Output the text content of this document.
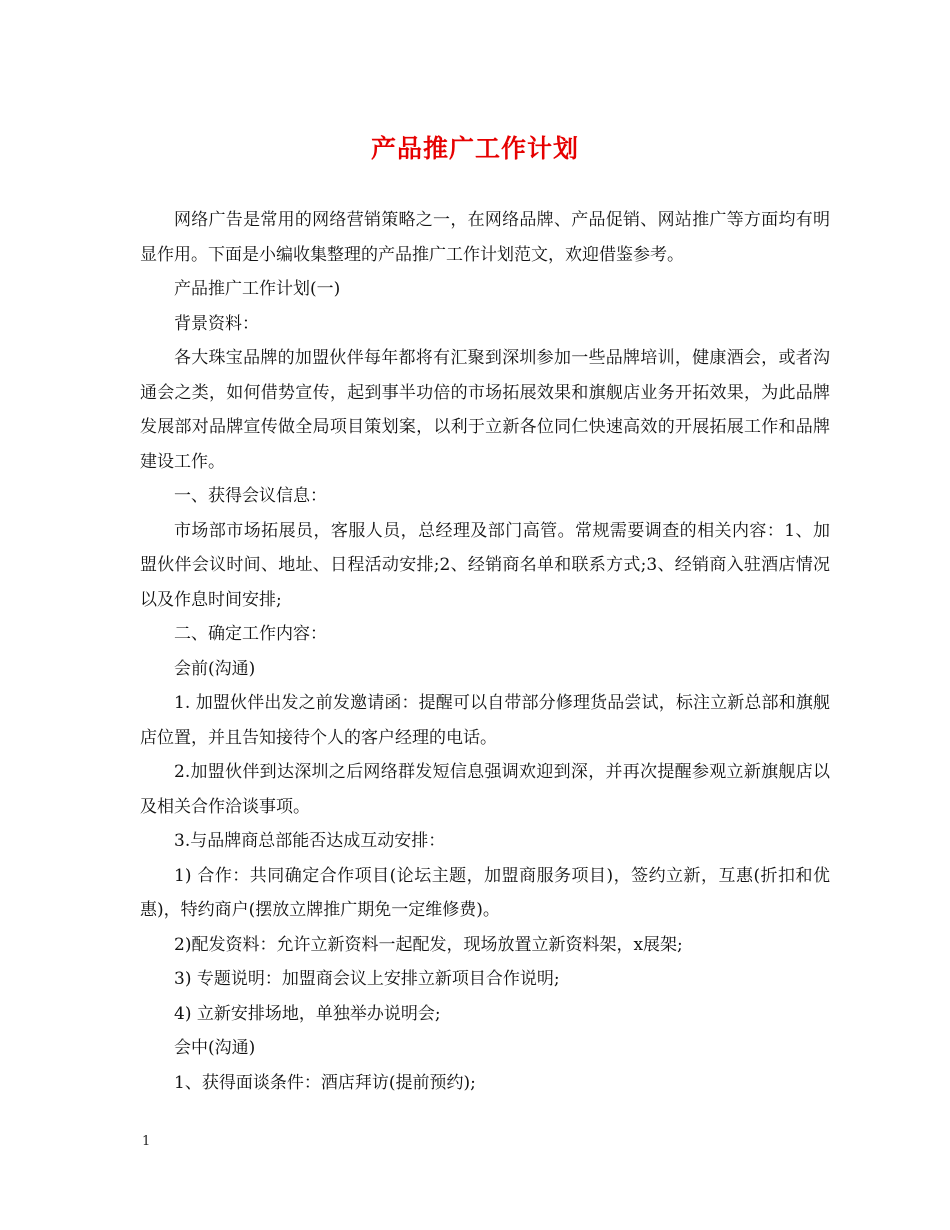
产品推广工作计划

网络广告是常用的网络营销策略之一，在网络品牌、产品促销、网站推广等方面均有明显作用。下面是小编收集整理的产品推广工作计划范文，欢迎借鉴参考。

产品推广工作计划(一)

背景资料：

各大珠宝品牌的加盟伙伴每年都将有汇聚到深圳参加一些品牌培训，健康酒会，或者沟通会之类，如何借势宣传，起到事半功倍的市场拓展效果和旗舰店业务开拓效果，为此品牌发展部对品牌宣传做全局项目策划案，以利于立新各位同仁快速高效的开展拓展工作和品牌建设工作。

一、获得会议信息：

市场部市场拓展员，客服人员，总经理及部门高管。常规需要调查的相关内容：1、加盟伙伴会议时间、地址、日程活动安排;2、经销商名单和联系方式;3、经销商入驻酒店情况以及作息时间安排;

二、确定工作内容：

会前(沟通)

1. 加盟伙伴出发之前发邀请函：提醒可以自带部分修理货品尝试，标注立新总部和旗舰店位置，并且告知接待个人的客户经理的电话。

2.加盟伙伴到达深圳之后网络群发短信息强调欢迎到深，并再次提醒参观立新旗舰店以及相关合作洽谈事项。

3.与品牌商总部能否达成互动安排：

1) 合作：共同确定合作项目(论坛主题，加盟商服务项目)，签约立新，互惠(折扣和优惠)，特约商户(摆放立牌推广期免一定维修费)。

2)配发资料：允许立新资料一起配发，现场放置立新资料架，x展架;

3) 专题说明：加盟商会议上安排立新项目合作说明;

4) 立新安排场地，单独举办说明会;

会中(沟通)

1、获得面谈条件：酒店拜访(提前预约);

1
